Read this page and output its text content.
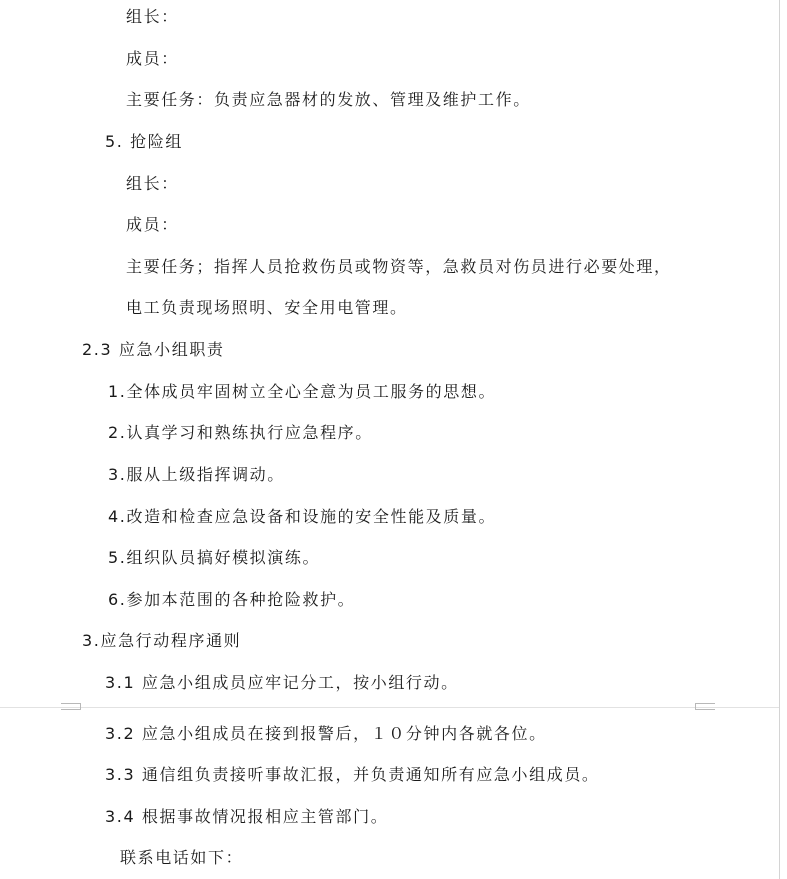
组长：
成员：
主要任务：负责应急器材的发放、管理及维护工作。
5. 抢险组
组长：
成员：
主要任务；指挥人员抢救伤员或物资等，急救员对伤员进行必要处理，
电工负责现场照明、安全用电管理。
2.3 应急小组职责
1.全体成员牢固树立全心全意为员工服务的思想。
2.认真学习和熟练执行应急程序。
3.服从上级指挥调动。
4.改造和检查应急设备和设施的安全性能及质量。
5.组织队员搞好模拟演练。
6.参加本范围的各种抢险救护。
3.应急行动程序通则
3.1 应急小组成员应牢记分工，按小组行动。
3.2 应急小组成员在接到报警后，１０分钟内各就各位。
3.3 通信组负责接听事故汇报，并负责通知所有应急小组成员。
3.4 根据事故情况报相应主管部门。
联系电话如下：
